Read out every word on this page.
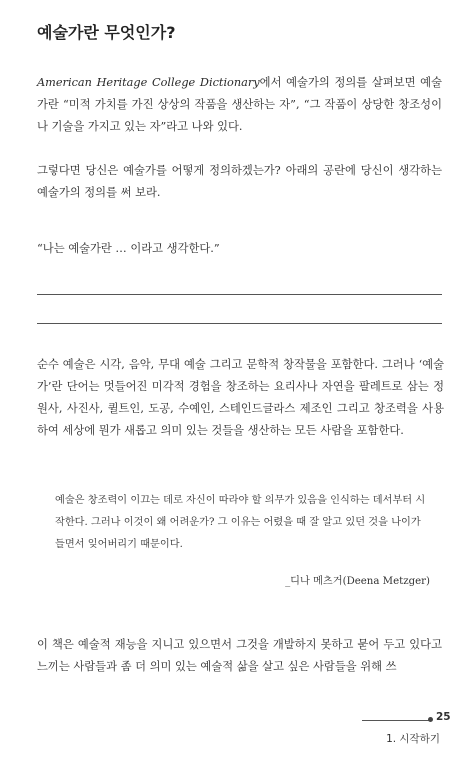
예술가란 무엇인가?

American Heritage College Dictionary에서 예술가의 정의를 살펴보면 예술가란 “미적 가치를 가진 상상의 작품을 생산하는 자”, “그 작품이 상당한 창조성이나 기술을 가지고 있는 자”라고 나와 있다.

그렇다면 당신은 예술가를 어떻게 정의하겠는가? 아래의 공란에 당신이 생각하는 예술가의 정의를 써 보라.

“나는 예술가란 … 이라고 생각한다.”

순수 예술은 시각, 음악, 무대 예술 그리고 문학적 창작물을 포함한다. 그러나 ‘예술가’란 단어는 멋들어진 미각적 경험을 창조하는 요리사나 자연을 팔레트로 삼는 정원사, 사진사, 퀼트인, 도공, 수예인, 스테인드글라스 제조인 그리고 창조력을 사용하여 세상에 뭔가 새롭고 의미 있는 것들을 생산하는 모든 사람을 포함한다.

예술은 창조력이 이끄는 데로 자신이 따라야 할 의무가 있음을 인식하는 데서부터 시작한다. 그러나 이것이 왜 어려운가? 그 이유는 어렸을 때 잘 알고 있던 것을 나이가 들면서 잊어버리기 때문이다.

_디나 메츠거(Deena Metzger)

이 책은 예술적 재능을 지니고 있으면서 그것을 개발하지 못하고 묻어 두고 있다고 느끼는 사람들과 좀 더 의미 있는 예술적 삶을 살고 싶은 사람들을 위해 쓰

25
1. 시작하기
